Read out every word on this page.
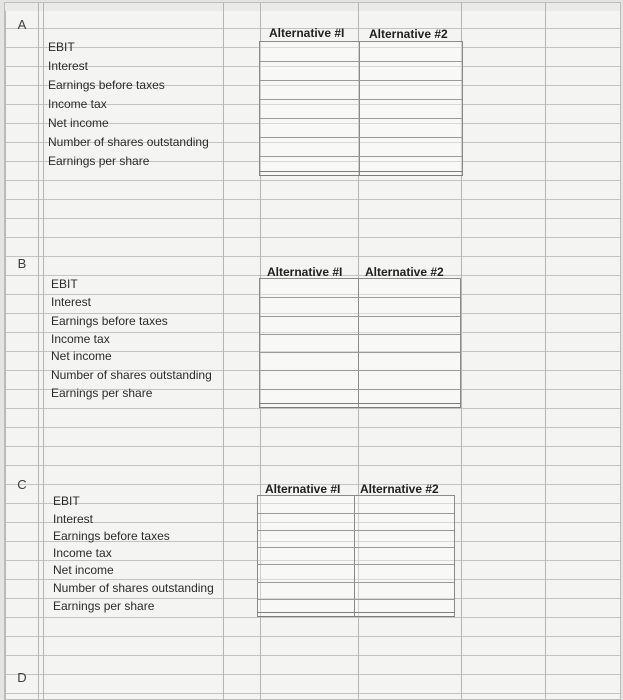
A
Alternative #I Alternative #2
EBIT
Interest
Earnings before taxes
Income tax
Net income
Number of shares outstanding
Earnings per share
B
Alternative #I Alternative #2
EBIT
Interest
Earnings before taxes
Income tax
Net income
Number of shares outstanding
Earnings per share
C	Alternative #I Alternative #2
EBIT
Interest
Earnings before taxes
Income tax
Net income
Number of shares outstanding
Earnings per share
D
